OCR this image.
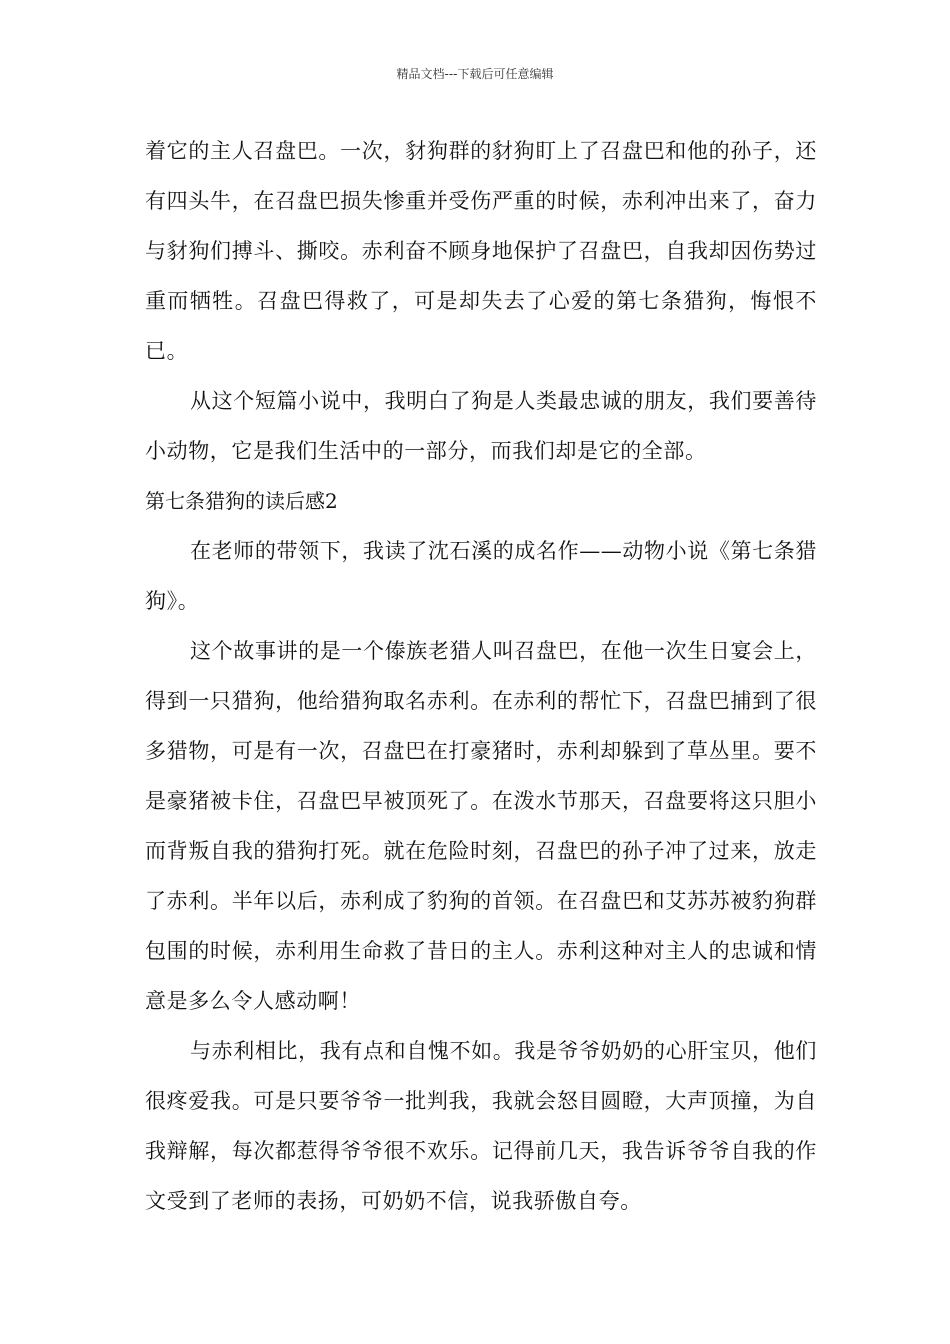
精品文档---下载后可任意编辑

着它的主人召盘巴。一次，豺狗群的豺狗盯上了召盘巴和他的孙子，还有四头牛，在召盘巴损失惨重并受伤严重的时候，赤利冲出来了，奋力与豺狗们搏斗、撕咬。赤利奋不顾身地保护了召盘巴，自我却因伤势过重而牺牲。召盘巴得救了，可是却失去了心爱的第七条猎狗，悔恨不已。

从这个短篇小说中，我明白了狗是人类最忠诚的朋友，我们要善待小动物，它是我们生活中的一部分，而我们却是它的全部。

第七条猎狗的读后感2

在老师的带领下，我读了沈石溪的成名作——动物小说《第七条猎狗》。

这个故事讲的是一个傣族老猎人叫召盘巴，在他一次生日宴会上，得到一只猎狗，他给猎狗取名赤利。在赤利的帮忙下，召盘巴捕到了很多猎物，可是有一次，召盘巴在打豪猪时，赤利却躲到了草丛里。要不是豪猪被卡住，召盘巴早被顶死了。在泼水节那天，召盘要将这只胆小而背叛自我的猎狗打死。就在危险时刻，召盘巴的孙子冲了过来，放走了赤利。半年以后，赤利成了豹狗的首领。在召盘巴和艾苏苏被豹狗群包围的时候，赤利用生命救了昔日的主人。赤利这种对主人的忠诚和情意是多么令人感动啊！

与赤利相比，我有点和自愧不如。我是爷爷奶奶的心肝宝贝，他们很疼爱我。可是只要爷爷一批判我，我就会怒目圆瞪，大声顶撞，为自我辩解，每次都惹得爷爷很不欢乐。记得前几天，我告诉爷爷自我的作文受到了老师的表扬，可奶奶不信，说我骄傲自夸。
